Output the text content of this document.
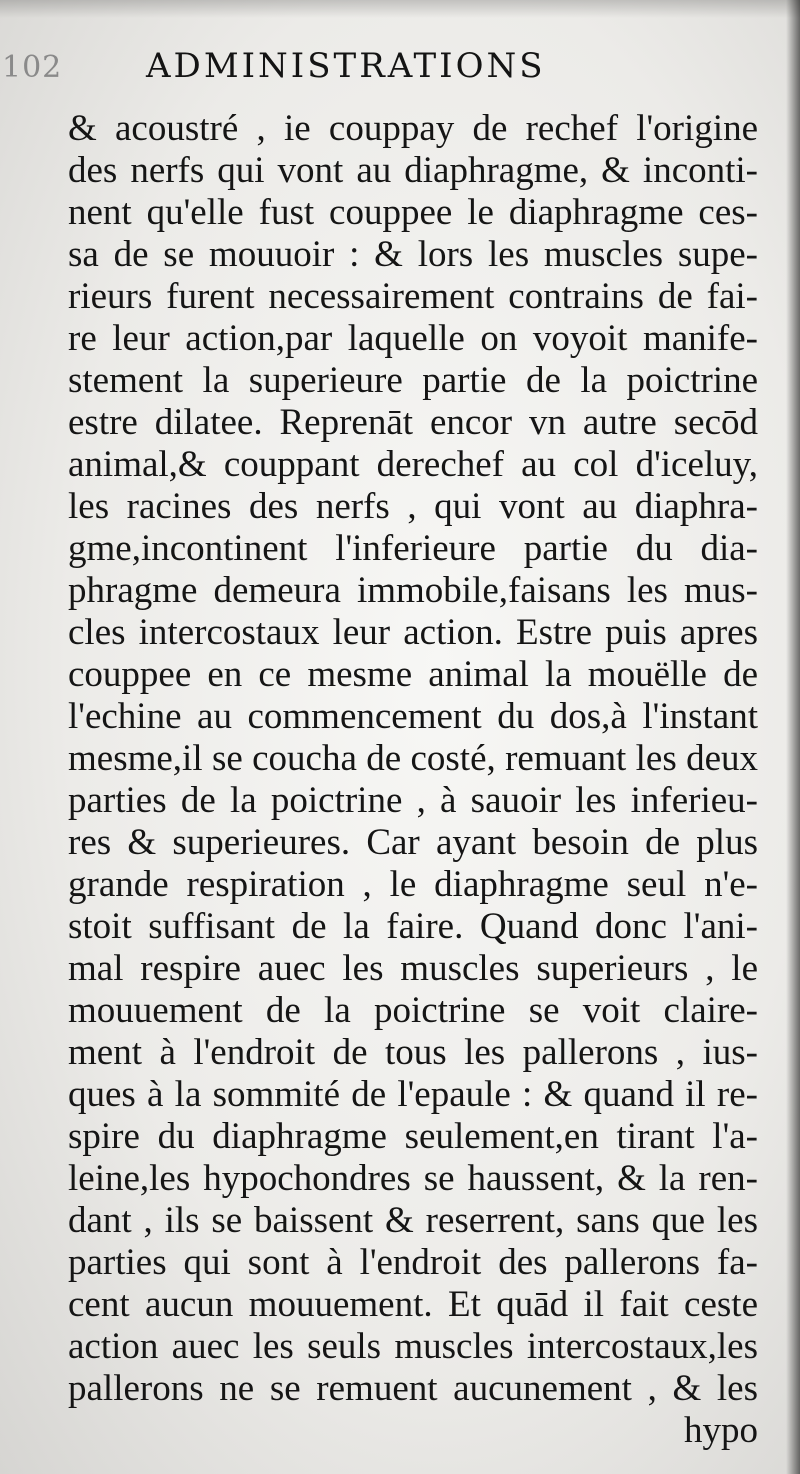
102 ADMINISTRATIONS
& acoustré , ie couppay de rechef l'origine
des nerfs qui vont au diaphragme, & inconti-
nent qu'elle fust couppee le diaphragme ces-
sa de se mouuoir : & lors les muscles supe-
rieurs furent necessairement contrains de fai-
re leur action,par laquelle on voyoit manife-
stement la superieure partie de la poictrine
estre dilatee. Reprenāt encor vn autre secōd
animal,& couppant derechef au col d'iceluy,
les racines des nerfs , qui vont au diaphra-
gme,incontinent l'inferieure partie du dia-
phragme demeura immobile,faisans les mus-
cles intercostaux leur action. Estre puis apres
couppee en ce mesme animal la mouëlle de
l'echine au commencement du dos,à l'instant
mesme,il se coucha de costé, remuant les deux
parties de la poictrine , à sauoir les inferieu-
res & superieures. Car ayant besoin de plus
grande respiration , le diaphragme seul n'e-
stoit suffisant de la faire. Quand donc l'ani-
mal respire auec les muscles superieurs , le
mouuement de la poictrine se voit claire-
ment à l'endroit de tous les pallerons , ius-
ques à la sommité de l'epaule : & quand il re-
spire du diaphragme seulement,en tirant l'a-
leine,les hypochondres se haussent, & la ren-
dant , ils se baissent & reserrent, sans que les
parties qui sont à l'endroit des pallerons fa-
cent aucun mouuement. Et quād il fait ceste
action auec les seuls muscles intercostaux,les
pallerons ne se remuent aucunement , & les
hypo
